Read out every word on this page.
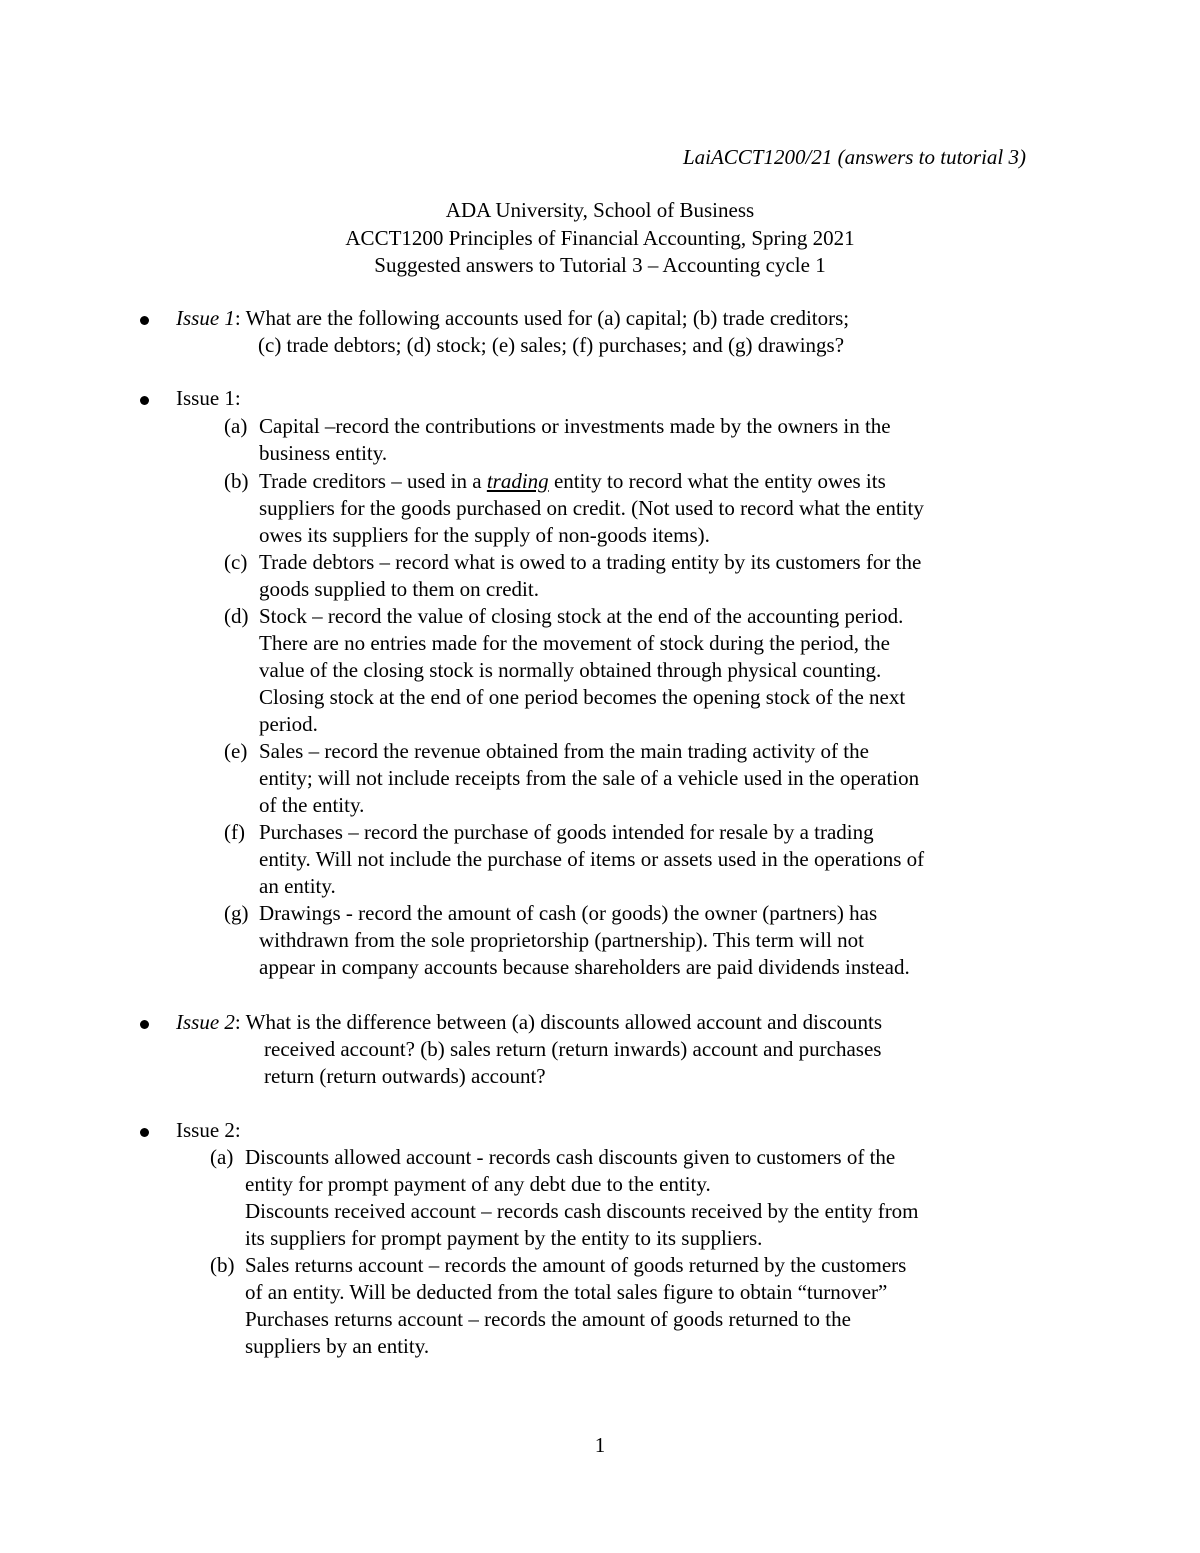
LaiACCT1200/21 (answers to tutorial 3)
ADA University, School of Business
ACCT1200 Principles of Financial Accounting, Spring 2021
Suggested answers to Tutorial 3 – Accounting cycle 1
Issue 1: What are the following accounts used for (a) capital; (b) trade creditors;
(c) trade debtors; (d) stock; (e) sales; (f) purchases; and (g) drawings?
Issue 1:
(a) Capital –record the contributions or investments made by the owners in the
business entity.
(b) Trade creditors – used in a trading entity to record what the entity owes its
suppliers for the goods purchased on credit. (Not used to record what the entity
owes its suppliers for the supply of non-goods items).
(c) Trade debtors – record what is owed to a trading entity by its customers for the
goods supplied to them on credit.
(d) Stock – record the value of closing stock at the end of the accounting period.
There are no entries made for the movement of stock during the period, the
value of the closing stock is normally obtained through physical counting.
Closing stock at the end of one period becomes the opening stock of the next
period.
(e) Sales – record the revenue obtained from the main trading activity of the
entity; will not include receipts from the sale of a vehicle used in the operation
of the entity.
(f) Purchases – record the purchase of goods intended for resale by a trading
entity. Will not include the purchase of items or assets used in the operations of
an entity.
(g) Drawings - record the amount of cash (or goods) the owner (partners) has
withdrawn from the sole proprietorship (partnership). This term will not
appear in company accounts because shareholders are paid dividends instead.
Issue 2: What is the difference between (a) discounts allowed account and discounts
received account? (b) sales return (return inwards) account and purchases
return (return outwards) account?
Issue 2:
(a) Discounts allowed account - records cash discounts given to customers of the
entity for prompt payment of any debt due to the entity.
Discounts received account – records cash discounts received by the entity from
its suppliers for prompt payment by the entity to its suppliers.
(b) Sales returns account – records the amount of goods returned by the customers
of an entity. Will be deducted from the total sales figure to obtain “turnover”
Purchases returns account – records the amount of goods returned to the
suppliers by an entity.
1
